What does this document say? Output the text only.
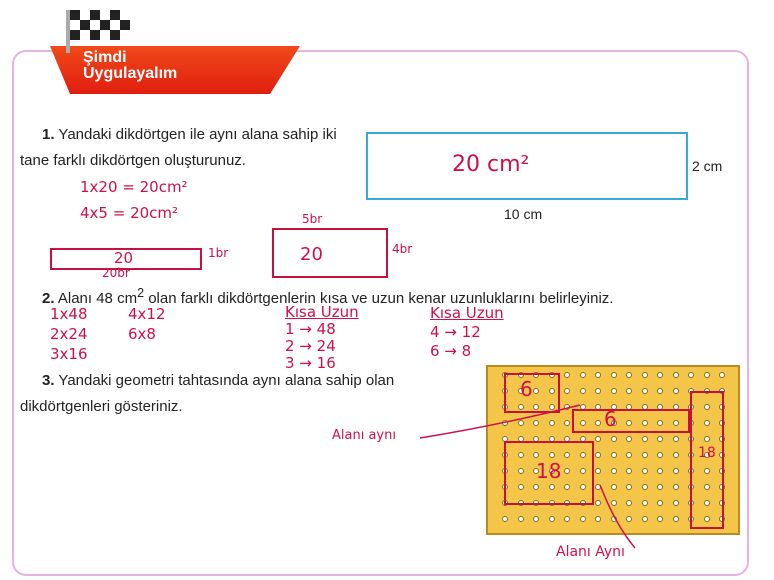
Şimdi
Uygulayalım
1. Yandaki dikdörtgen ile aynı alana sahip iki tane farklı dikdörtgen oluşturunuz.	20 cm²	2 cm
10 cm
1x20 = 20cm²
4x5 = 20cm²
20	1br
20br
20
5br
4br
2. Alanı 48 $cm^2$ olan farklı dikdörtgenlerin kısa ve uzun kenar uzunluklarını belirleyiniz.
1x48
2x24
3x16
4x12
6x8
Kısa Uzun
1 → 48
2 → 24
3 → 16
Kısa Uzun
4 → 12
6 → 8
3. Yandaki geometri tahtasında aynı alana sahip olan dikdörtgenleri gösteriniz.
Alanı aynı
Alanı Aynı
6
6
18
18
